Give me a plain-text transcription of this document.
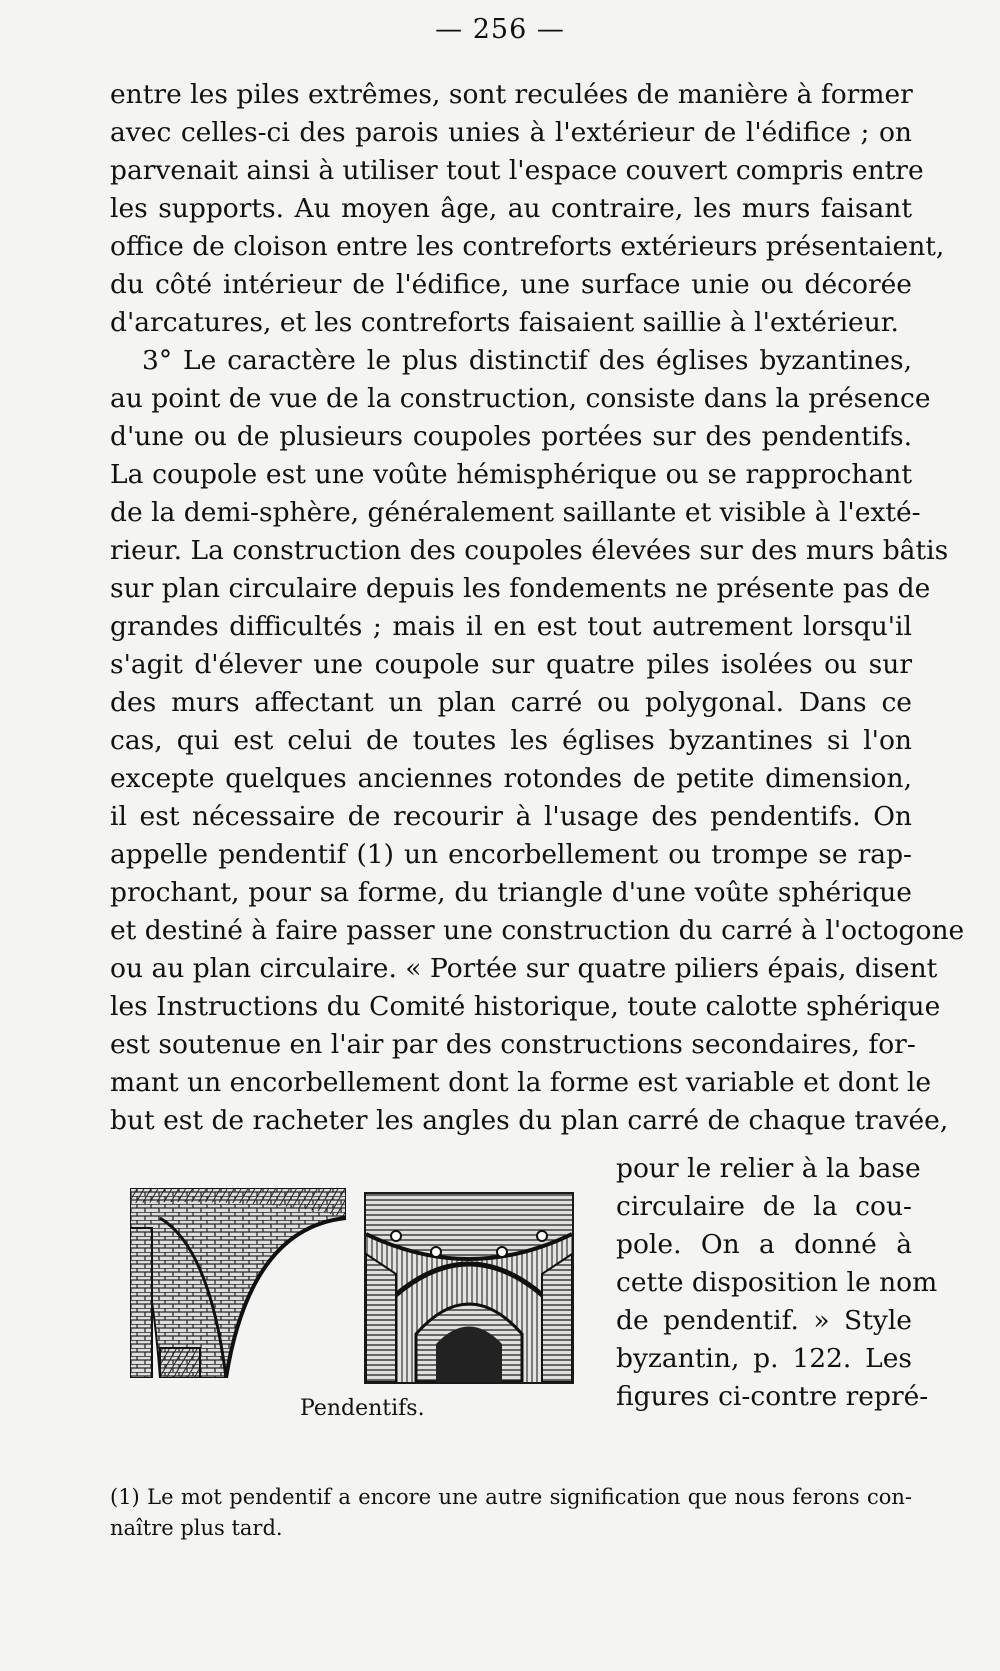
— 256 —
entre les piles extrêmes, sont reculées de manière à former
avec celles-ci des parois unies à l'extérieur de l'édifice ; on
parvenait ainsi à utiliser tout l'espace couvert compris entre
les supports. Au moyen âge, au contraire, les murs faisant
office de cloison entre les contreforts extérieurs présentaient,
du côté intérieur de l'édifice, une surface unie ou décorée
d'arcatures, et les contreforts faisaient saillie à l'extérieur.
3° Le caractère le plus distinctif des églises byzantines,
au point de vue de la construction, consiste dans la présence
d'une ou de plusieurs coupoles portées sur des pendentifs.
La coupole est une voûte hémisphérique ou se rapprochant
de la demi-sphère, généralement saillante et visible à l'exté-
rieur. La construction des coupoles élevées sur des murs bâtis
sur plan circulaire depuis les fondements ne présente pas de
grandes difficultés ; mais il en est tout autrement lorsqu'il
s'agit d'élever une coupole sur quatre piles isolées ou sur
des murs affectant un plan carré ou polygonal. Dans ce
cas, qui est celui de toutes les églises byzantines si l'on
excepte quelques anciennes rotondes de petite dimension,
il est nécessaire de recourir à l'usage des pendentifs. On
appelle pendentif (1) un encorbellement ou trompe se rap-
prochant, pour sa forme, du triangle d'une voûte sphérique
et destiné à faire passer une construction du carré à l'octogone
ou au plan circulaire. « Portée sur quatre piliers épais, disent
les Instructions du Comité historique, toute calotte sphérique
est soutenue en l'air par des constructions secondaires, for-
mant un encorbellement dont la forme est variable et dont le
but est de racheter les angles du plan carré de chaque travée,
pour le relier à la base
circulaire de la cou-
pole. On a donné à
cette disposition le nom
de pendentif. » Style
byzantin, p. 122. Les
figures ci-contre repré-
Pendentifs.
(1) Le mot pendentif a encore une autre signification que nous ferons con-
naître plus tard.
